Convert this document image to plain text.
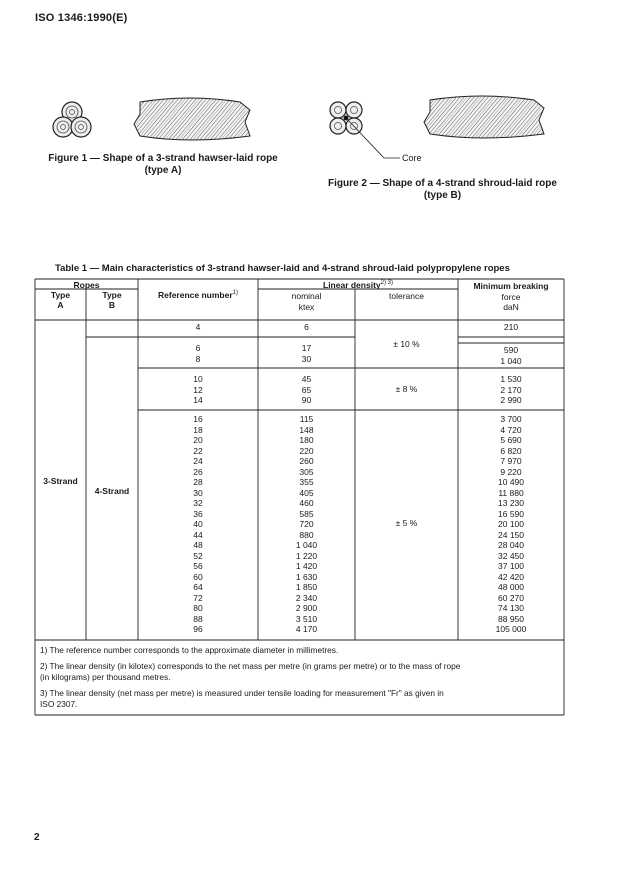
ISO 1346:1990(E)
Figure 1 — Shape of a 3-strand hawser-laid rope
(type A)
Core
Figure 2 — Shape of a 4-strand shroud-laid rope
(type B)
Table 1 — Main characteristics of 3-strand hawser-laid and 4-strand shroud-laid polypropylene ropes
Ropes
Type
A
Type
B
Reference number$^{1)}$
Linear density$^{2) 3)}$
nominal
ktex
tolerance
Minimum breaking
force
daN
3-Strand
4-Strand
4	6	210
6
8
17
30
590
1 040
± 10 %
10
12
14
45
65
90
1 530
2 170
2 990
± 8 %
16
18
20
22
24
26
28
30
32
36
40
44
48
52
56
60
64
72
80
88
96
115
148
180
220
260
305
355
405
460
585
720
880
1 040
1 220
1 420
1 630
1 850
2 340
2 900
3 510
4 170
3 700
4 720
5 690
6 820
7 970
9 220
10 490
11 880
13 230
16 590
20 100
24 150
28 040
32 450
37 100
42 420
48 000
60 270
74 130
88 950
105 000
± 5 %
1) The reference number corresponds to the approximate diameter in millimetres.
2) The linear density (in kilotex) corresponds to the net mass per metre (in grams per metre) or to the mass of rope
(in kilograms) per thousand metres.
3) The linear density (net mass per metre) is measured under tensile loading for measurement "Fr" as given in
ISO 2307.
2
